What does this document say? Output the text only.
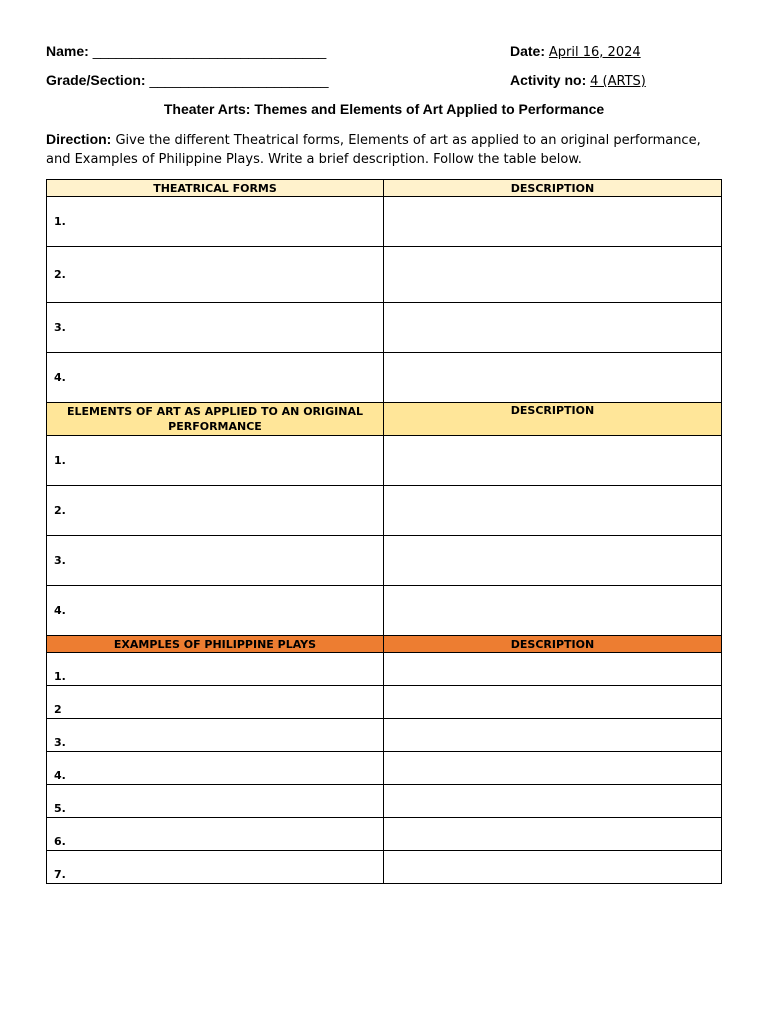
Name: ______________________________	Date: April 16, 2024
Grade/Section: _______________________	Activity no: 4 (ARTS)
Theater Arts: Themes and Elements of Art Applied to Performance
Direction: Give the different Theatrical forms, Elements of art as applied to an original performance, and Examples of Philippine Plays. Write a brief description. Follow the table below.
THEATRICAL FORMS	DESCRIPTION
1.	
2.	
3.	
4.	
ELEMENTS OF ART AS APPLIED TO AN ORIGINAL PERFORMANCE	DESCRIPTION
1.	
2.	
3.	
4.	
EXAMPLES OF PHILIPPINE PLAYS	DESCRIPTION
1.	
2	
3.	
4.	
5.	
6.	
7.	
